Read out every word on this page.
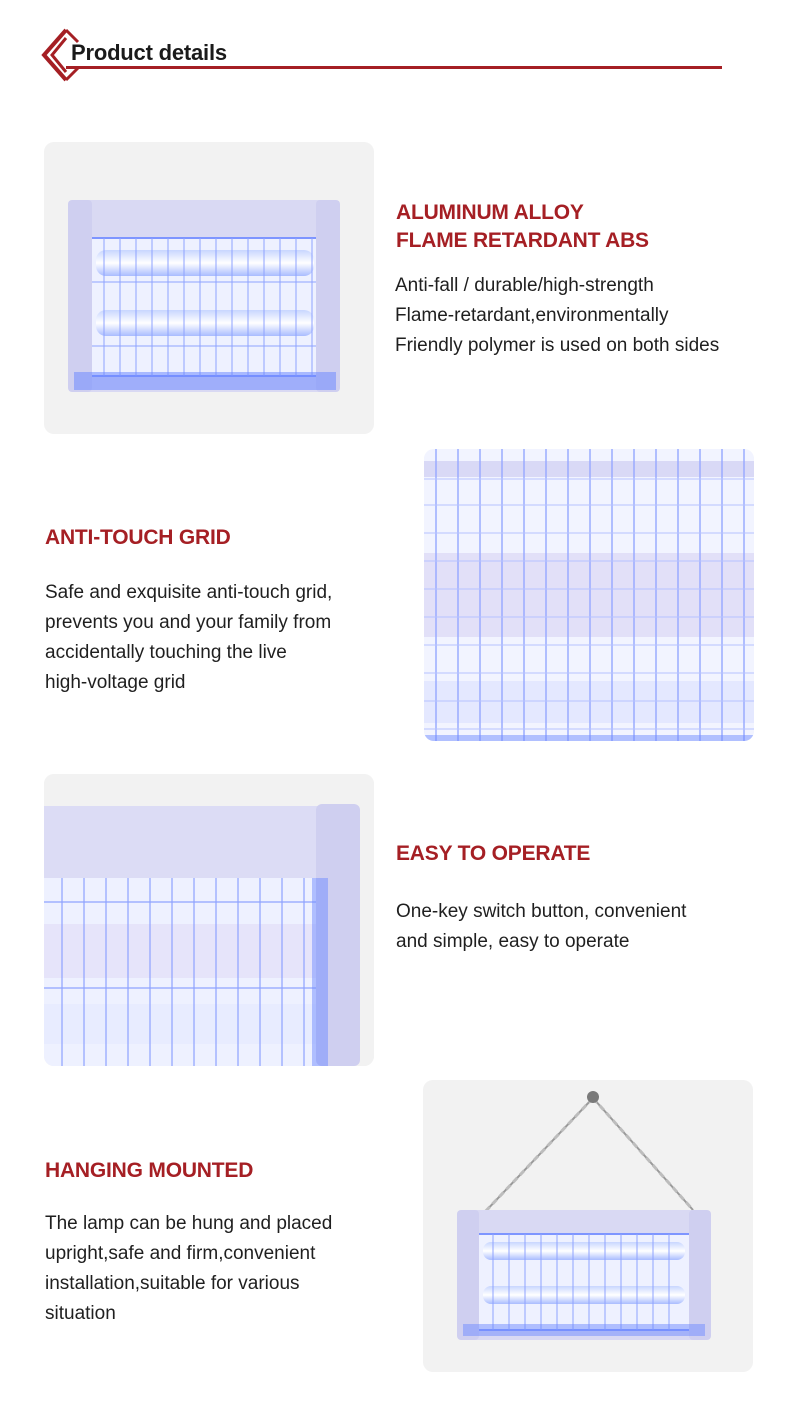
Product details
ALUMINUM ALLOY
FLAME RETARDANT ABS
Anti-fall / durable/high-strength
Flame-retardant,environmentally
Friendly polymer is used on both sides
ANTI-TOUCH GRID
Safe and exquisite anti-touch grid,
prevents you and your family from
accidentally touching the live
high-voltage grid
EASY TO OPERATE
One-key switch button, convenient
and simple, easy to operate
HANGING MOUNTED
The lamp can be hung and placed
upright,safe and firm,convenient
installation,suitable for various
situation
